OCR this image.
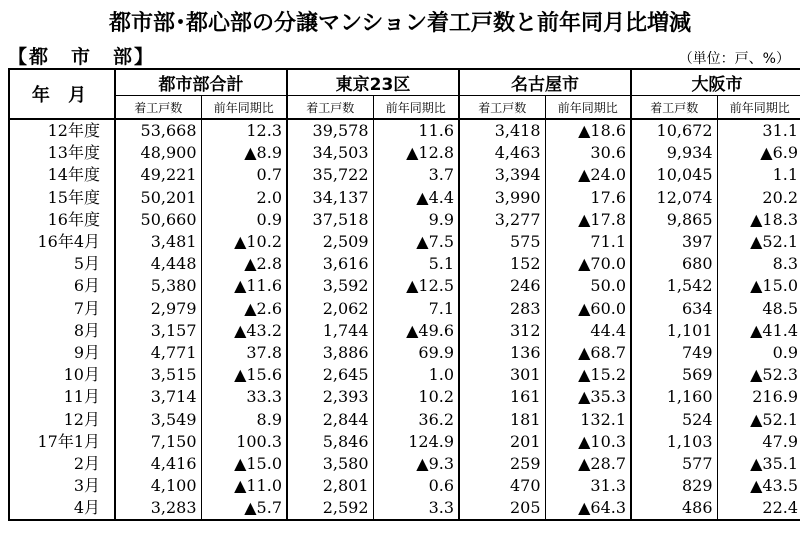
都市部･都心部の分譲マンション着工戸数と前年同月比増減
【都　市　部】	（単位：戸、%）
年 月	都市部合計		東京23区		名古屋市		大阪市	
	着工戸数	前年同期比	着工戸数	前年同期比	着工戸数	前年同期比	着工戸数	前年同期比
12年度	53,668	12.3	39,578	11.6	3,418	▲18.6	10,672	31.1
13年度	48,900	▲8.9	34,503	▲12.8	4,463	30.6	9,934	▲6.9
14年度	49,221	0.7	35,722	3.7	3,394	▲24.0	10,045	1.1
15年度	50,201	2.0	34,137	▲4.4	3,990	17.6	12,074	20.2
16年度	50,660	0.9	37,518	9.9	3,277	▲17.8	9,865	▲18.3
16年4月	3,481	▲10.2	2,509	▲7.5	575	71.1	397	▲52.1
5月	4,448	▲2.8	3,616	5.1	152	▲70.0	680	8.3
6月	5,380	▲11.6	3,592	▲12.5	246	50.0	1,542	▲15.0
7月	2,979	▲2.6	2,062	7.1	283	▲60.0	634	48.5
8月	3,157	▲43.2	1,744	▲49.6	312	44.4	1,101	▲41.4
9月	4,771	37.8	3,886	69.9	136	▲68.7	749	0.9
10月	3,515	▲15.6	2,645	1.0	301	▲15.2	569	▲52.3
11月	3,714	33.3	2,393	10.2	161	▲35.3	1,160	216.9
12月	3,549	8.9	2,844	36.2	181	132.1	524	▲52.1
17年1月	7,150	100.3	5,846	124.9	201	▲10.3	1,103	47.9
2月	4,416	▲15.0	3,580	▲9.3	259	▲28.7	577	▲35.1
3月	4,100	▲11.0	2,801	0.6	470	31.3	829	▲43.5
4月	3,283	▲5.7	2,592	3.3	205	▲64.3	486	22.4
